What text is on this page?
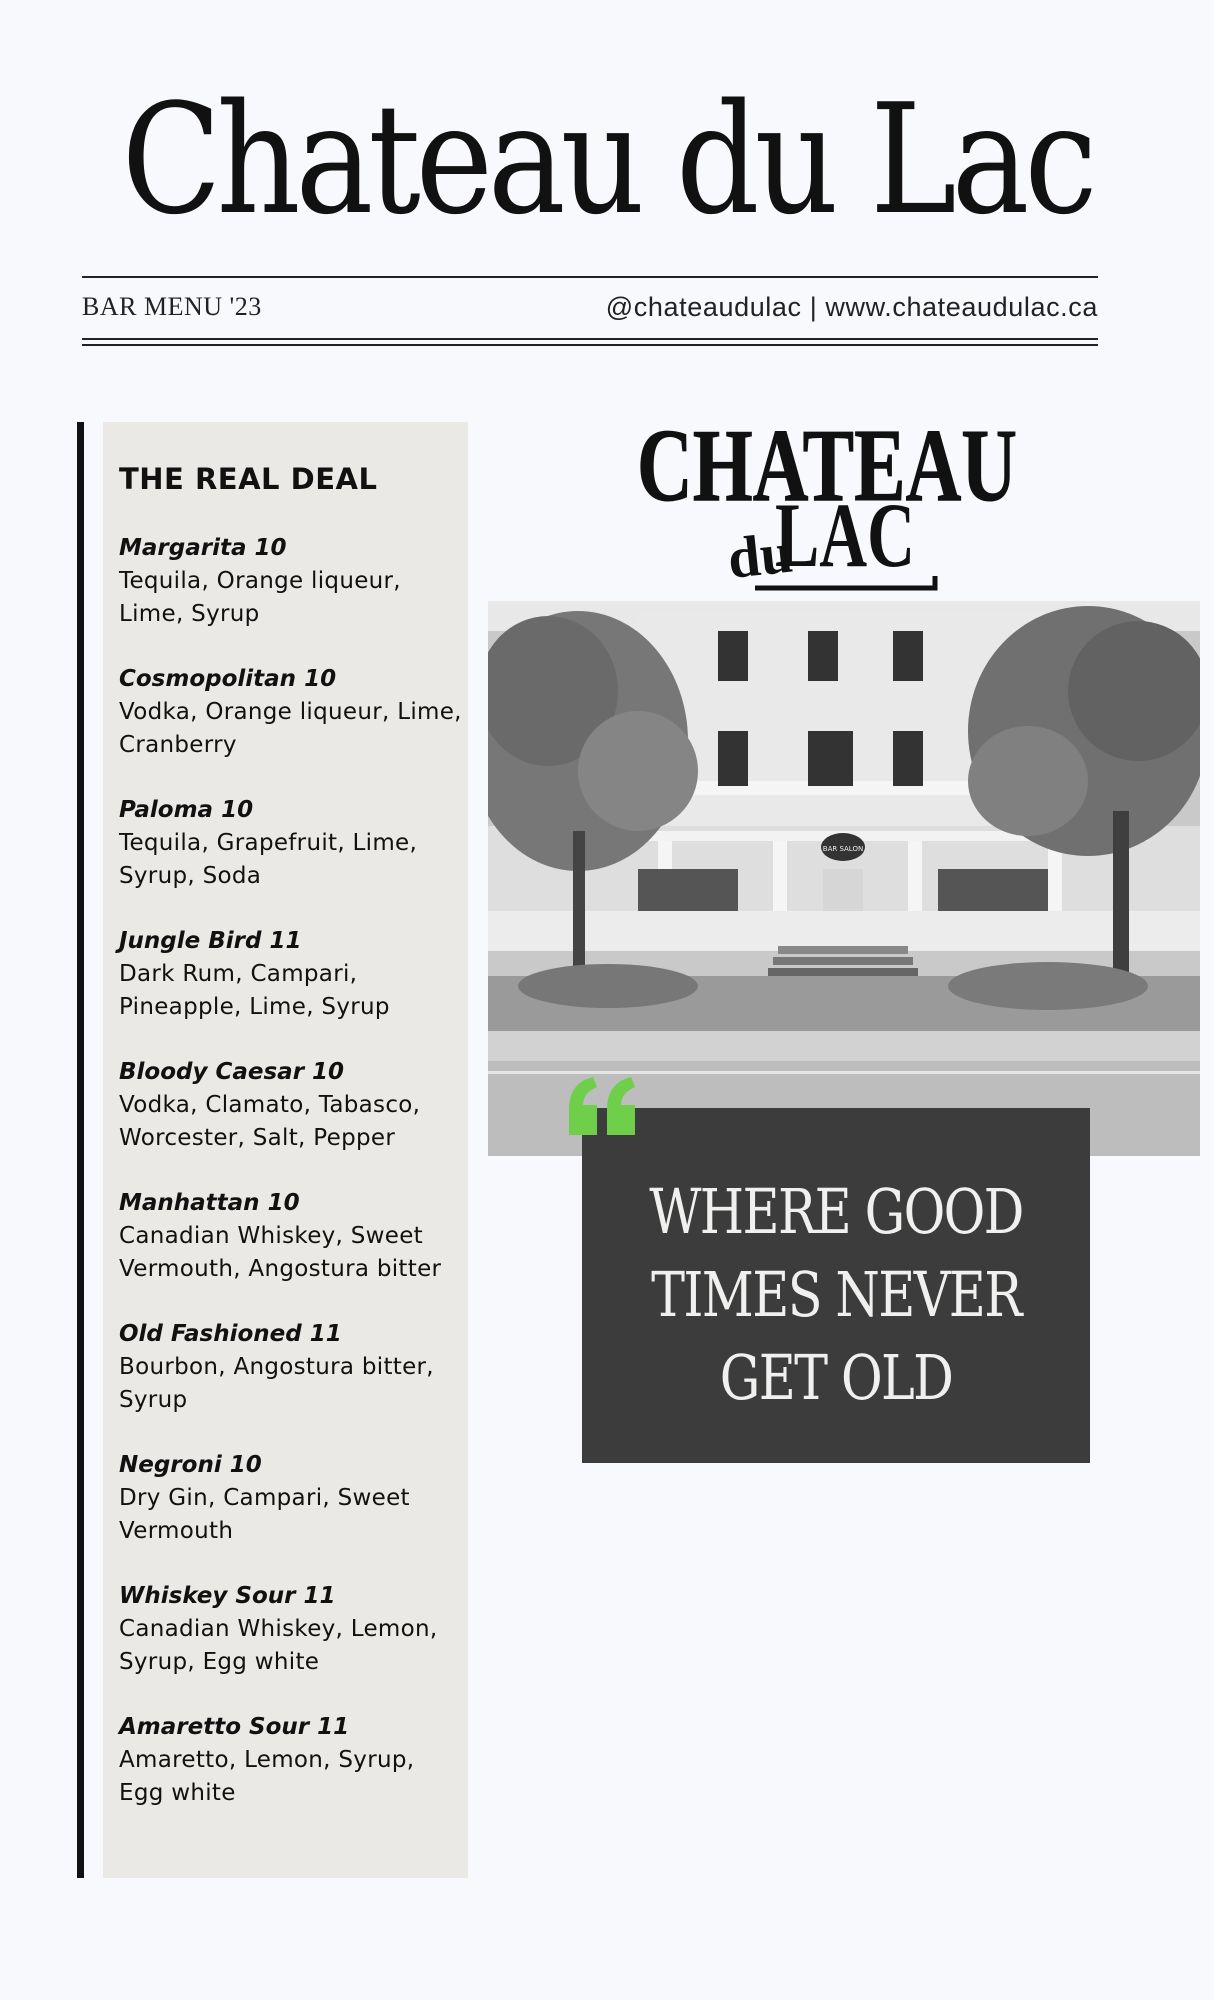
Chateau du Lac
BAR MENU '23	@chateaudulac | www.chateaudulac.ca
THE REAL DEAL
Margarita 10
Tequila, Orange liqueur, Lime, Syrup
Cosmopolitan 10
Vodka, Orange liqueur, Lime, Cranberry
Paloma 10
Tequila, Grapefruit, Lime, Syrup, Soda
Jungle Bird 11
Dark Rum, Campari, Pineapple, Lime, Syrup
Bloody Caesar 10
Vodka, Clamato, Tabasco, Worcester, Salt, Pepper
Manhattan 10
Canadian Whiskey, Sweet Vermouth, Angostura bitter
Old Fashioned 11
Bourbon, Angostura bitter, Syrup
Negroni 10
Dry Gin, Campari, Sweet Vermouth
Whiskey Sour 11
Canadian Whiskey, Lemon, Syrup, Egg white
Amaretto Sour 11
Amaretto, Lemon, Syrup, Egg white
CHATEAU
du
LAC
BAR SALON
WHERE GOOD
TIMES NEVER
GET OLD
